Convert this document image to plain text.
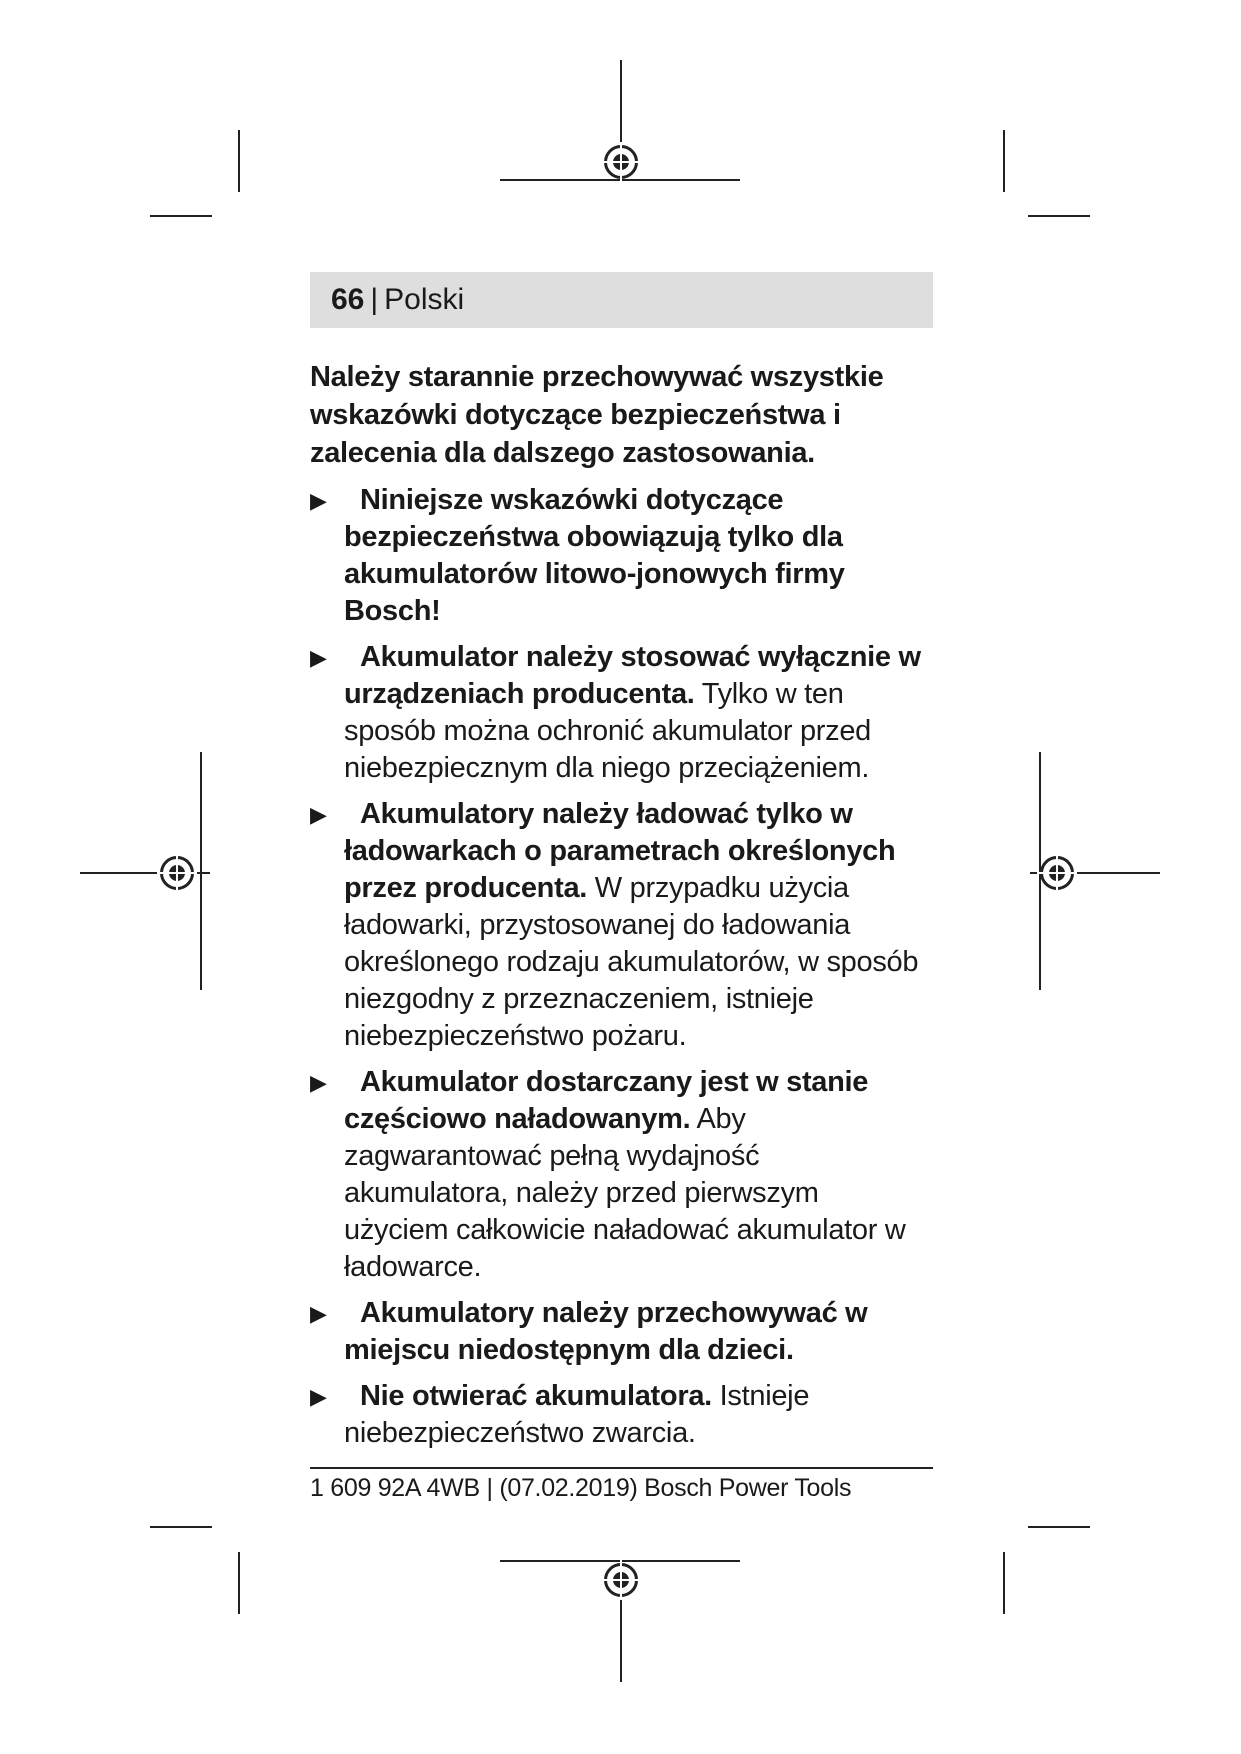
66 | Polski

Należy starannie przechowywać wszystkie wskazówki dotyczące bezpieczeństwa i zalecenia dla dalszego zastosowania.

▶ Niniejsze wskazówki dotyczące bezpieczeństwa obowiązują tylko dla akumulatorów litowo-jonowych firmy Bosch!
▶ Akumulator należy stosować wyłącznie w urządzeniach producenta. Tylko w ten sposób można ochronić akumulator przed niebezpiecznym dla niego przeciążeniem.
▶ Akumulatory należy ładować tylko w ładowarkach o parametrach określonych przez producenta. W przypadku użycia ładowarki, przystosowanej do ładowania określonego rodzaju akumulatorów, w sposób niezgodny z przeznaczeniem, istnieje niebezpieczeństwo pożaru.
▶ Akumulator dostarczany jest w stanie częściowo naładowanym. Aby zagwarantować pełną wydajność akumulatora, należy przed pierwszym użyciem całkowicie naładować akumulator w ładowarce.
▶ Akumulatory należy przechowywać w miejscu niedostępnym dla dzieci.
▶ Nie otwierać akumulatora. Istnieje niebezpieczeństwo zwarcia.
1 609 92A 4WB | (07.02.2019) Bosch Power Tools
